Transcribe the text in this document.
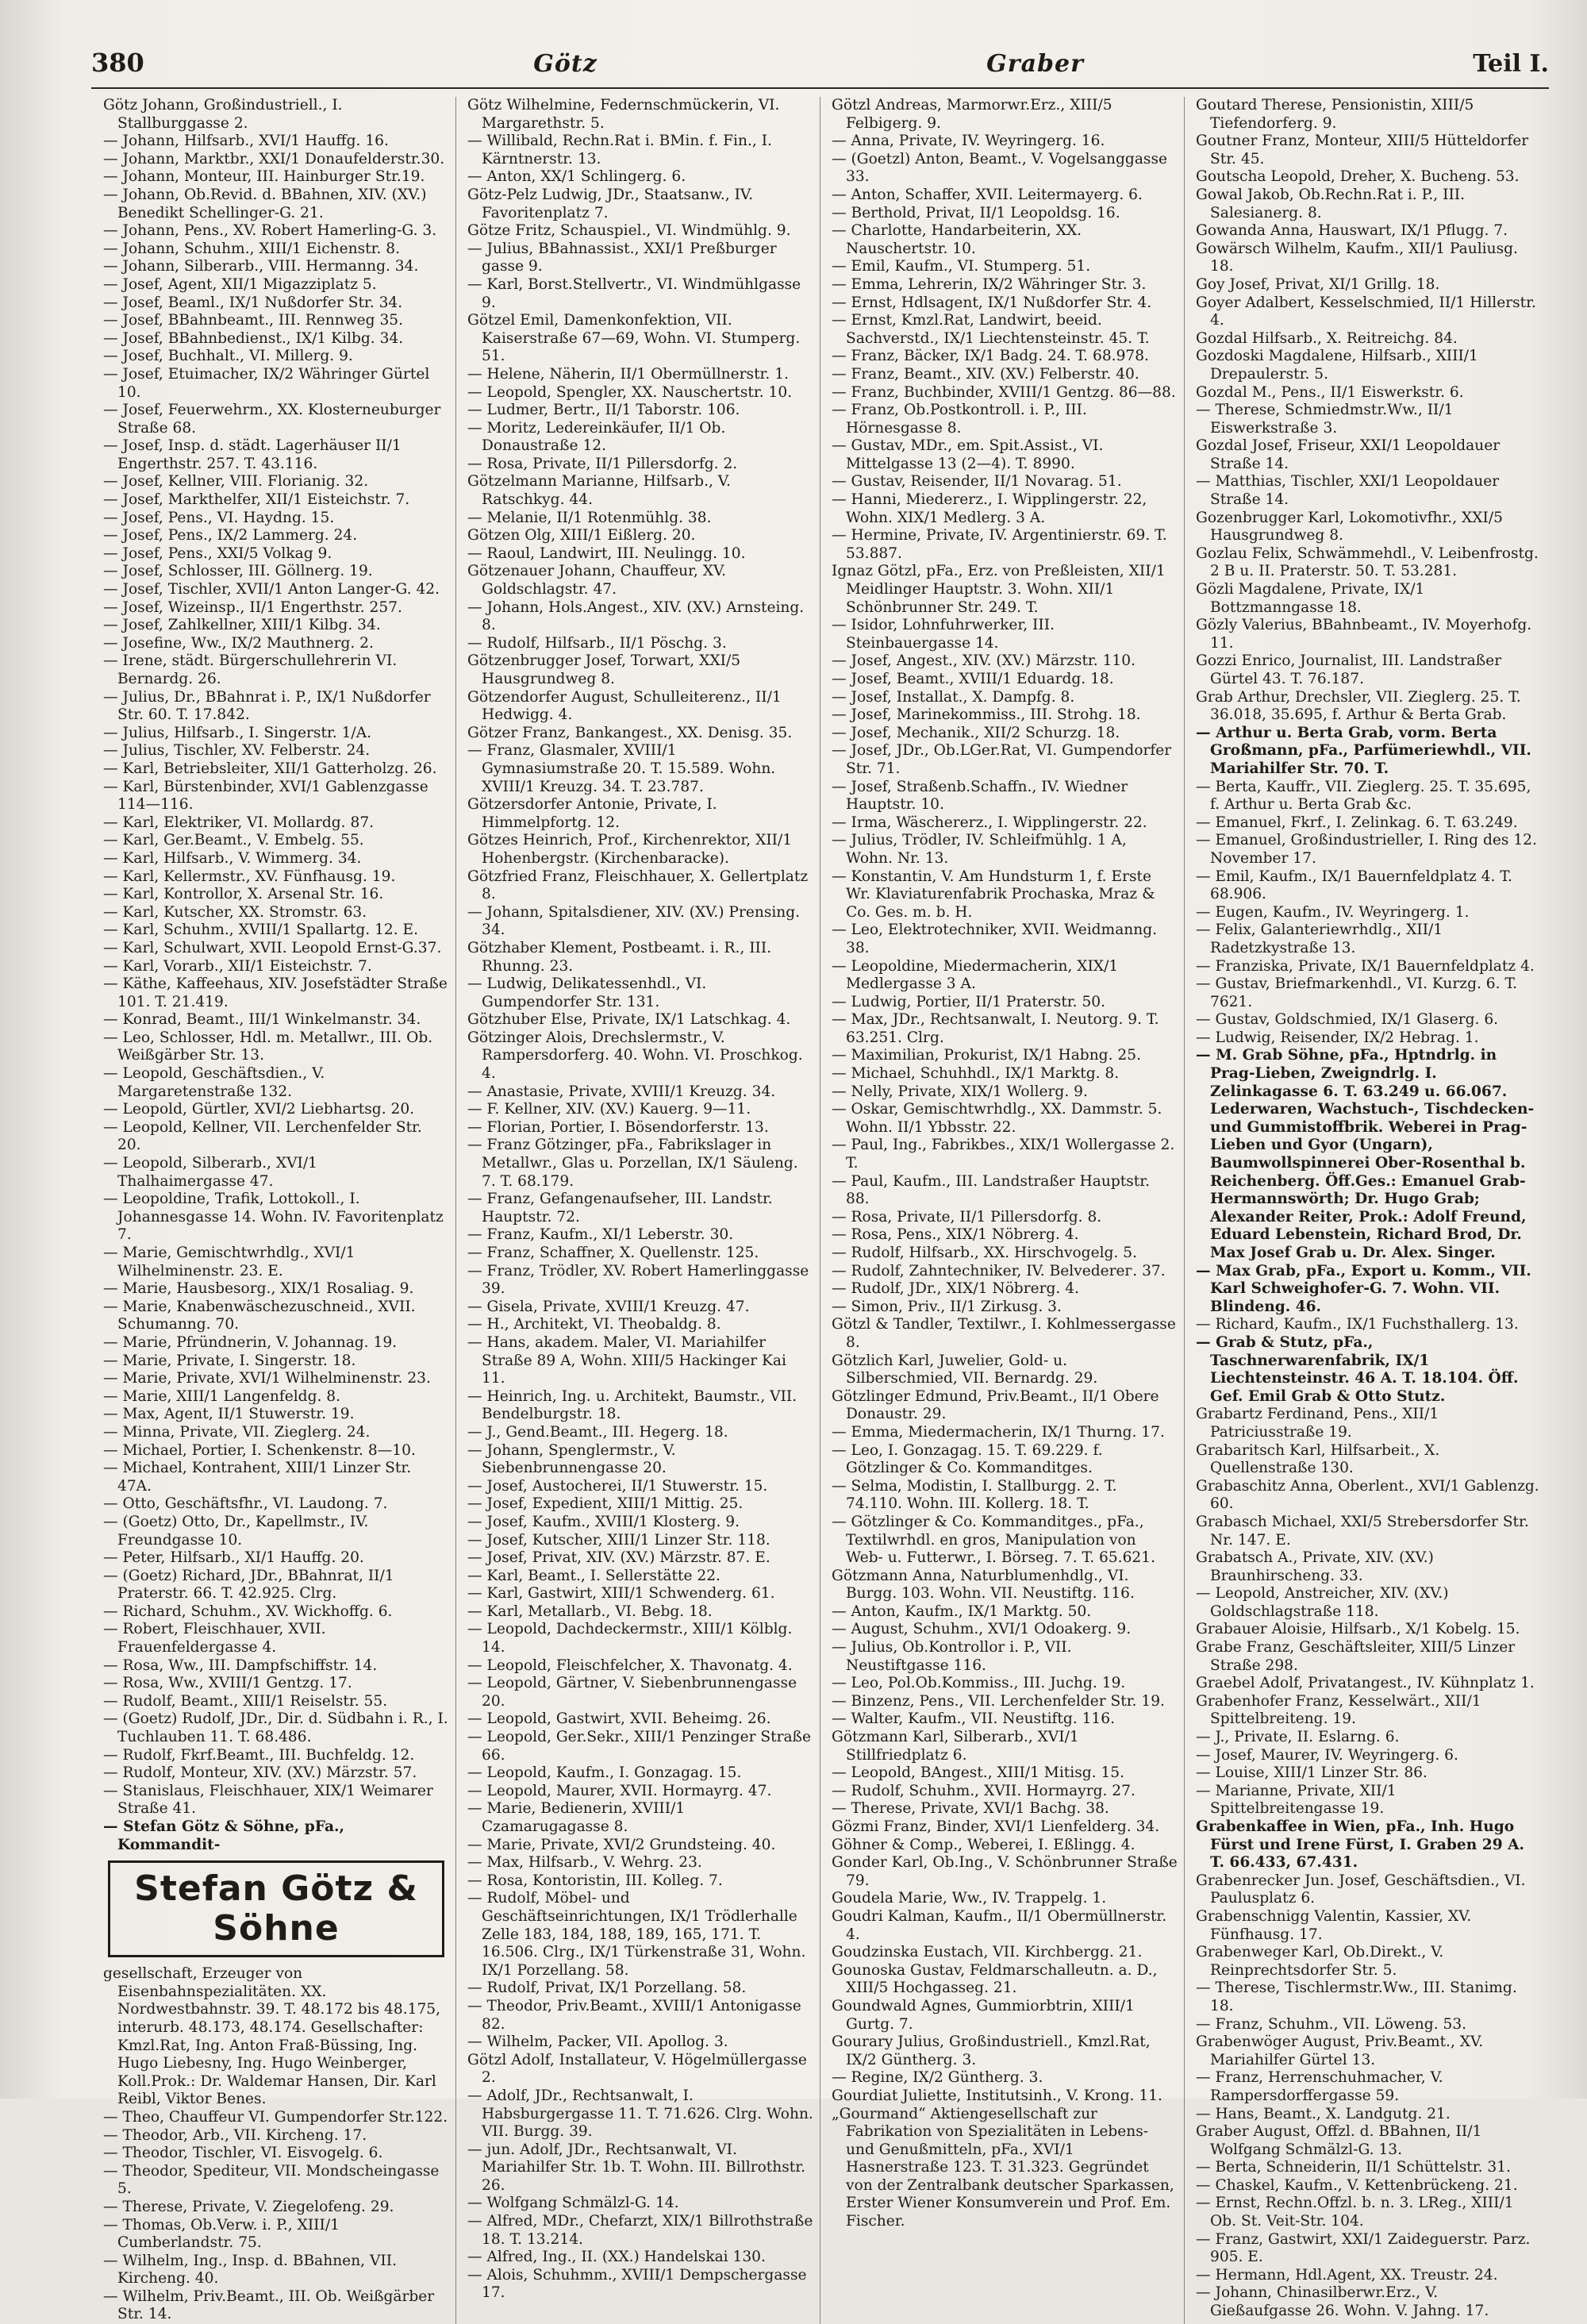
380	Götz	Graber	Teil I.

Götz Johann, Großindustriell., I. Stallburggasse 2.

— Johann, Hilfsarb., XVI/1 Hauffg. 16.

— Johann, Marktbr., XXI/1 Donaufelderstr.30.

— Johann, Monteur, III. Hainburger Str.19.

— Johann, Ob.Revid. d. BBahnen, XIV. (XV.) Benedikt Schellinger-G. 21.

— Johann, Pens., XV. Robert Hamerling-G. 3.

— Johann, Schuhm., XIII/1 Eichenstr. 8.

— Johann, Silberarb., VIII. Hermanng. 34.

— Josef, Agent, XII/1 Migazziplatz 5.

— Josef, Beaml., IX/1 Nußdorfer Str. 34.

— Josef, BBahnbeamt., III. Rennweg 35.

— Josef, BBahnbedienst., IX/1 Kilbg. 34.

— Josef, Buchhalt., VI. Millerg. 9.

— Josef, Etuimacher, IX/2 Währinger Gürtel 10.

— Josef, Feuerwehrm., XX. Klosterneuburger Straße 68.

— Josef, Insp. d. städt. Lagerhäuser II/1 Engerthstr. 257. T. 43.116.

— Josef, Kellner, VIII. Florianig. 32.

— Josef, Markthelfer, XII/1 Eisteichstr. 7.

— Josef, Pens., VI. Haydng. 15.

— Josef, Pens., IX/2 Lammerg. 24.

— Josef, Pens., XXI/5 Volkag 9.

— Josef, Schlosser, III. Göllnerg. 19.

— Josef, Tischler, XVII/1 Anton Langer-G. 42.

— Josef, Wizeinsp., II/1 Engerthstr. 257.

— Josef, Zahlkellner, XIII/1 Kilbg. 34.

— Josefine, Ww., IX/2 Mauthnerg. 2.

— Irene, städt. Bürgerschullehrerin VI. Bernardg. 26.

— Julius, Dr., BBahnrat i. P., IX/1 Nußdorfer Str. 60. T. 17.842.

— Julius, Hilfsarb., I. Singerstr. 1/A.

— Julius, Tischler, XV. Felberstr. 24.

— Karl, Betriebsleiter, XII/1 Gatterholzg. 26.

— Karl, Bürstenbinder, XVI/1 Gablenzgasse 114—116.

— Karl, Elektriker, VI. Mollardg. 87.

— Karl, Ger.Beamt., V. Embelg. 55.

— Karl, Hilfsarb., V. Wimmerg. 34.

— Karl, Kellermstr., XV. Fünfhausg. 19.

— Karl, Kontrollor, X. Arsenal Str. 16.

— Karl, Kutscher, XX. Stromstr. 63.

— Karl, Schuhm., XVIII/1 Spallartg. 12. E.

— Karl, Schulwart, XVII. Leopold Ernst-G.37.

— Karl, Vorarb., XII/1 Eisteichstr. 7.

— Käthe, Kaffeehaus, XIV. Josefstädter Straße 101. T. 21.419.

— Konrad, Beamt., III/1 Winkelmanstr. 34.

— Leo, Schlosser, Hdl. m. Metallwr., III. Ob. Weißgärber Str. 13.

— Leopold, Geschäftsdien., V. Margaretenstraße 132.

— Leopold, Gürtler, XVI/2 Liebhartsg. 20.

— Leopold, Kellner, VII. Lerchenfelder Str. 20.

— Leopold, Silberarb., XVI/1 Thalhaimergasse 47.

— Leopoldine, Trafik, Lottokoll., I. Johannesgasse 14. Wohn. IV. Favoritenplatz 7.

— Marie, Gemischtwrhdlg., XVI/1 Wilhelminenstr. 23. E.

— Marie, Hausbesorg., XIX/1 Rosaliag. 9.

— Marie, Knabenwäschezuschneid., XVII. Schumanng. 70.

— Marie, Pfründnerin, V. Johannag. 19.

— Marie, Private, I. Singerstr. 18.

— Marie, Private, XVI/1 Wilhelminenstr. 23.

— Marie, XIII/1 Langenfeldg. 8.

— Max, Agent, II/1 Stuwerstr. 19.

— Minna, Private, VII. Zieglerg. 24.

— Michael, Portier, I. Schenkenstr. 8—10.

— Michael, Kontrahent, XIII/1 Linzer Str. 47A.

— Otto, Geschäftsfhr., VI. Laudong. 7.

— (Goetz) Otto, Dr., Kapellmstr., IV. Freundgasse 10.

— Peter, Hilfsarb., XI/1 Hauffg. 20.

— (Goetz) Richard, JDr., BBahnrat, II/1 Praterstr. 66. T. 42.925. Clrg.

— Richard, Schuhm., XV. Wickhoffg. 6.

— Robert, Fleischhauer, XVII. Frauenfeldergasse 4.

— Rosa, Ww., III. Dampfschiffstr. 14.

— Rosa, Ww., XVIII/1 Gentzg. 17.

— Rudolf, Beamt., XIII/1 Reiselstr. 55.

— (Goetz) Rudolf, JDr., Dir. d. Südbahn i. R., I. Tuchlauben 11. T. 68.486.

— Rudolf, Fkrf.Beamt., III. Buchfeldg. 12.

— Rudolf, Monteur, XIV. (XV.) Märzstr. 57.

— Stanislaus, Fleischhauer, XIX/1 Weimarer Straße 41.

— Stefan Götz & Söhne, pFa., Kommandit-

Stefan Götz & Söhne

gesellschaft, Erzeuger von Eisenbahnspezialitäten. XX. Nordwestbahnstr. 39. T. 48.172 bis 48.175, interurb. 48.173, 48.174. Gesellschafter: Kmzl.Rat, Ing. Anton Fraß-Büssing, Ing. Hugo Liebesny, Ing. Hugo Weinberger, Koll.Prok.: Dr. Waldemar Hansen, Dir. Karl Reibl, Viktor Benes.

— Theo, Chauffeur VI. Gumpendorfer Str.122.

— Theodor, Arb., VII. Kircheng. 17.

— Theodor, Tischler, VI. Eisvogelg. 6.

— Theodor, Spediteur, VII. Mondscheingasse 5.

— Therese, Private, V. Ziegelofeng. 29.

— Thomas, Ob.Verw. i. P., XIII/1 Cumberlandstr. 75.

— Wilhelm, Ing., Insp. d. BBahnen, VII. Kircheng. 40.

— Wilhelm, Priv.Beamt., III. Ob. Weißgärber Str. 14.

Götz Wilhelmine, Federnschmückerin, VI. Margarethstr. 5.

— Willibald, Rechn.Rat i. BMin. f. Fin., I. Kärntnerstr. 13.

— Anton, XX/1 Schlingerg. 6.

Götz-Pelz Ludwig, JDr., Staatsanw., IV. Favoritenplatz 7.

Götze Fritz, Schauspiel., VI. Windmühlg. 9.

— Julius, BBahnassist., XXI/1 Preßburger gasse 9.

— Karl, Borst.Stellvertr., VI. Windmühlgasse 9.

Götzel Emil, Damenkonfektion, VII. Kaiserstraße 67—69, Wohn. VI. Stumperg. 51.

— Helene, Näherin, II/1 Obermüllnerstr. 1.

— Leopold, Spengler, XX. Nauschertstr. 10.

— Ludmer, Bertr., II/1 Taborstr. 106.

— Moritz, Ledereinkäufer, II/1 Ob. Donaustraße 12.

— Rosa, Private, II/1 Pillersdorfg. 2.

Götzelmann Marianne, Hilfsarb., V. Ratschkyg. 44.

— Melanie, II/1 Rotenmühlg. 38.

Götzen Olg, XIII/1 Eißlerg. 20.

— Raoul, Landwirt, III. Neulingg. 10.

Götzenauer Johann, Chauffeur, XV. Goldschlagstr. 47.

— Johann, Hols.Angest., XIV. (XV.) Arnsteing. 8.

— Rudolf, Hilfsarb., II/1 Pöschg. 3.

Götzenbrugger Josef, Torwart, XXI/5 Hausgrundweg 8.

Götzendorfer August, Schulleiterenz., II/1 Hedwigg. 4.

Götzer Franz, Bankangest., XX. Denisg. 35.

— Franz, Glasmaler, XVIII/1 Gymnasiumstraße 20. T. 15.589. Wohn. XVIII/1 Kreuzg. 34. T. 23.787.

Götzersdorfer Antonie, Private, I. Himmelpfortg. 12.

Götzes Heinrich, Prof., Kirchenrektor, XII/1 Hohenbergstr. (Kirchenbaracke).

Götzfried Franz, Fleischhauer, X. Gellertplatz 8.

— Johann, Spitalsdiener, XIV. (XV.) Prensing. 34.

Götzhaber Klement, Postbeamt. i. R., III. Rhunng. 23.

— Ludwig, Delikatessenhdl., VI. Gumpendorfer Str. 131.

Götzhuber Else, Private, IX/1 Latschkag. 4.

Götzinger Alois, Drechslermstr., V. Rampersdorferg. 40. Wohn. VI. Proschkog. 4.

— Anastasie, Private, XVIII/1 Kreuzg. 34.

— F. Kellner, XIV. (XV.) Kauerg. 9—11.

— Florian, Portier, I. Bösendorferstr. 13.

— Franz Götzinger, pFa., Fabrikslager in Metallwr., Glas u. Porzellan, IX/1 Säuleng. 7. T. 68.179.

— Franz, Gefangenaufseher, III. Landstr. Hauptstr. 72.

— Franz, Kaufm., XI/1 Leberstr. 30.

— Franz, Schaffner, X. Quellenstr. 125.

— Franz, Trödler, XV. Robert Hamerlinggasse 39.

— Gisela, Private, XVIII/1 Kreuzg. 47.

— H., Architekt, VI. Theobaldg. 8.

— Hans, akadem. Maler, VI. Mariahilfer Straße 89 A, Wohn. XIII/5 Hackinger Kai 11.

— Heinrich, Ing. u. Architekt, Baumstr., VII. Bendelburgstr. 18.

— J., Gend.Beamt., III. Hegerg. 18.

— Johann, Spenglermstr., V. Siebenbrunnengasse 20.

— Josef, Austocherei, II/1 Stuwerstr. 15.

— Josef, Expedient, XIII/1 Mittig. 25.

— Josef, Kaufm., XVIII/1 Klosterg. 9.

— Josef, Kutscher, XIII/1 Linzer Str. 118.

— Josef, Privat, XIV. (XV.) Märzstr. 87. E.

— Karl, Beamt., I. Sellerstätte 22.

— Karl, Gastwirt, XIII/1 Schwenderg. 61.

— Karl, Metallarb., VI. Bebg. 18.

— Leopold, Dachdeckermstr., XIII/1 Kölblg. 14.

— Leopold, Fleischfelcher, X. Thavonatg. 4.

— Leopold, Gärtner, V. Siebenbrunnengasse 20.

— Leopold, Gastwirt, XVII. Beheimg. 26.

— Leopold, Ger.Sekr., XIII/1 Penzinger Straße 66.

— Leopold, Kaufm., I. Gonzagag. 15.

— Leopold, Maurer, XVII. Hormayrg. 47.

— Marie, Bedienerin, XVIII/1 Czamarugagasse 8.

— Marie, Private, XVI/2 Grundsteing. 40.

— Max, Hilfsarb., V. Wehrg. 23.

— Rosa, Kontoristin, III. Kolleg. 7.

— Rudolf, Möbel- und Geschäftseinrichtungen, IX/1 Trödlerhalle Zelle 183, 184, 188, 189, 165, 171. T. 16.506. Clrg., IX/1 Türkenstraße 31, Wohn. IX/1 Porzellang. 58.

— Rudolf, Privat, IX/1 Porzellang. 58.

— Theodor, Priv.Beamt., XVIII/1 Antonigasse 82.

— Wilhelm, Packer, VII. Apollog. 3.

Götzl Adolf, Installateur, V. Högelmüllergasse 2.

— Adolf, JDr., Rechtsanwalt, I. Habsburgergasse 11. T. 71.626. Clrg. Wohn. VII. Burgg. 39.

— jun. Adolf, JDr., Rechtsanwalt, VI. Mariahilfer Str. 1b. T. Wohn. III. Billrothstr. 26.

— Wolfgang Schmälzl-G. 14.

— Alfred, MDr., Chefarzt, XIX/1 Billrothstraße 18. T. 13.214.

— Alfred, Ing., II. (XX.) Handelskai 130.

— Alois, Schuhmm., XVIII/1 Dempschergasse 17.

Götzl Andreas, Marmorwr.Erz., XIII/5 Felbigerg. 9.

— Anna, Private, IV. Weyringerg. 16.

— (Goetzl) Anton, Beamt., V. Vogelsanggasse 33.

— Anton, Schaffer, XVII. Leitermayerg. 6.

— Berthold, Privat, II/1 Leopoldsg. 16.

— Charlotte, Handarbeiterin, XX. Nauschertstr. 10.

— Emil, Kaufm., VI. Stumperg. 51.

— Emma, Lehrerin, IX/2 Währinger Str. 3.

— Ernst, Hdlsagent, IX/1 Nußdorfer Str. 4.

— Ernst, Kmzl.Rat, Landwirt, beeid. Sachverstd., IX/1 Liechtensteinstr. 45. T.

— Franz, Bäcker, IX/1 Badg. 24. T. 68.978.

— Franz, Beamt., XIV. (XV.) Felberstr. 40.

— Franz, Buchbinder, XVIII/1 Gentzg. 86—88.

— Franz, Ob.Postkontroll. i. P., III. Hörnesgasse 8.

— Gustav, MDr., em. Spit.Assist., VI. Mittelgasse 13 (2—4). T. 8990.

— Gustav, Reisender, II/1 Novarag. 51.

— Hanni, Miedererz., I. Wipplingerstr. 22, Wohn. XIX/1 Medlerg. 3 A.

— Hermine, Private, IV. Argentinierstr. 69. T. 53.887.

Ignaz Götzl, pFa., Erz. von Preßleisten, XII/1 Meidlinger Hauptstr. 3. Wohn. XII/1 Schönbrunner Str. 249. T.

— Isidor, Lohnfuhrwerker, III. Steinbauergasse 14.

— Josef, Angest., XIV. (XV.) Märzstr. 110.

— Josef, Beamt., XVIII/1 Eduardg. 18.

— Josef, Installat., X. Dampfg. 8.

— Josef, Marinekommiss., III. Strohg. 18.

— Josef, Mechanik., XII/2 Schurzg. 18.

— Josef, JDr., Ob.LGer.Rat, VI. Gumpendorfer Str. 71.

— Josef, Straßenb.Schaffn., IV. Wiedner Hauptstr. 10.

— Irma, Wäschererz., I. Wipplingerstr. 22.

— Julius, Trödler, IV. Schleifmühlg. 1 A, Wohn. Nr. 13.

— Konstantin, V. Am Hundsturm 1, f. Erste Wr. Klaviaturenfabrik Prochaska, Mraz & Co. Ges. m. b. H.

— Leo, Elektrotechniker, XVII. Weidmanng. 38.

— Leopoldine, Miedermacherin, XIX/1 Medlergasse 3 A.

— Ludwig, Portier, II/1 Praterstr. 50.

— Max, JDr., Rechtsanwalt, I. Neutorg. 9. T. 63.251. Clrg.

— Maximilian, Prokurist, IX/1 Habng. 25.

— Michael, Schuhhdl., IX/1 Marktg. 8.

— Nelly, Private, XIX/1 Wollerg. 9.

— Oskar, Gemischtwrhdlg., XX. Dammstr. 5. Wohn. II/1 Ybbsstr. 22.

— Paul, Ing., Fabrikbes., XIX/1 Wollergasse 2. T.

— Paul, Kaufm., III. Landstraßer Hauptstr. 88.

— Rosa, Private, II/1 Pillersdorfg. 8.

— Rosa, Pens., XIX/1 Nöbrerg. 4.

— Rudolf, Hilfsarb., XX. Hirschvogelg. 5.

— Rudolf, Zahntechniker, IV. Belvederег. 37.

— Rudolf, JDr., XIX/1 Nöbrerg. 4.

— Simon, Priv., II/1 Zirkusg. 3.

Götzl & Tandler, Textilwr., I. Kohlmessergasse 8.

Götzlich Karl, Juwelier, Gold- u. Silberschmied, VII. Bernardg. 29.

Götzlinger Edmund, Priv.Beamt., II/1 Obere Donaustr. 29.

— Emma, Miedermacherin, IX/1 Thurng. 17.

— Leo, I. Gonzagag. 15. T. 69.229. f. Götzlinger & Co. Kommanditges.

— Selma, Modistin, I. Stallburgg. 2. T. 74.110. Wohn. III. Kollerg. 18. T.

— Götzlinger & Co. Kommanditges., pFa., Textilwrhdl. en gros, Manipulation von Web- u. Futterwr., I. Börseg. 7. T. 65.621.

Götzmann Anna, Naturblumenhdlg., VI. Burgg. 103. Wohn. VII. Neustiftg. 116.

— Anton, Kaufm., IX/1 Marktg. 50.

— August, Schuhm., XVI/1 Odoakerg. 9.

— Julius, Ob.Kontrollor i. P., VII. Neustiftgasse 116.

— Leo, Pol.Ob.Kommiss., III. Juchg. 19.

— Binzenz, Pens., VII. Lerchenfelder Str. 19.

— Walter, Kaufm., VII. Neustiftg. 116.

Götzmann Karl, Silberarb., XVI/1 Stillfriedplatz 6.

— Leopold, BAngest., XIII/1 Mitisg. 15.

— Rudolf, Schuhm., XVII. Hormayrg. 27.

— Therese, Private, XVI/1 Bachg. 38.

Gözmi Franz, Binder, XVI/1 Lienfelderg. 34.

Göhner & Comp., Weberei, I. Eßlingg. 4.

Gonder Karl, Ob.Ing., V. Schönbrunner Straße 79.

Goudela Marie, Ww., IV. Trappelg. 1.

Goudri Kalman, Kaufm., II/1 Obermüllnerstr. 4.

Goudzinska Eustach, VII. Kirchbergg. 21.

Gounoskа Gustav, Feldmarschalleutn. a. D., XIII/5 Hochgasseg. 21.

Goundwald Agnes, Gummiorbtrin, XIII/1 Gurtg. 7.

Gourary Julius, Großindustriell., Kmzl.Rat, IX/2 Güntherg. 3.

— Regine, IX/2 Güntherg. 3.

Gourdiat Juliette, Institutsinh., V. Krong. 11.

„Gourmand“ Aktiengesellschaft zur Fabrikation von Spezialitäten in Lebens- und Genußmitteln, pFa., XVI/1 Hasnerstraße 123. T. 31.323. Gegründet von der Zentralbank deutscher Sparkassen, Erster Wiener Konsumverein und Prof. Em. Fischer.

Goutard Therese, Pensionistin, XIII/5 Tiefendorferg. 9.

Goutner Franz, Monteur, XIII/5 Hütteldorfer Str. 45.

Goutscha Leopold, Dreher, X. Buchеng. 53.

Gowal Jakob, Ob.Rechn.Rat i. P., III. Salesianerg. 8.

Gowanda Anna, Hauswart, IX/1 Pflugg. 7.

Gowärsch Wilhelm, Kaufm., XII/1 Pauliusg. 18.

Goy Josef, Privat, XI/1 Grillg. 18.

Goyer Adalbert, Kesselschmied, II/1 Hillerstr. 4.

Gozdal Hilfsarb., X. Reitreichg. 84.

Gozdoski Magdalene, Hilfsarb., XIII/1 Drepaulerstr. 5.

Gozdal M., Pens., II/1 Eiswerkstr. 6.

— Therese, Schmiedmstr.Ww., II/1 Eiswerkstraße 3.

Gozdal Josef, Friseur, XXI/1 Leopoldauer Straße 14.

— Matthias, Tischler, XXI/1 Leopoldauer Straße 14.

Gozenbrugger Karl, Lokomotivfhr., XXI/5 Hausgrundweg 8.

Gozlau Felix, Schwämmehdl., V. Leibenfrostg. 2 B u. II. Praterstr. 50. T. 53.281.

Gözli Magdalene, Private, IX/1 Bottzmanngasse 18.

Gözly Valerius, BBahnbeamt., IV. Moyerhofg. 11.

Gozzi Enrico, Journalist, III. Landstraßer Gürtel 43. T. 76.187.

Grab Arthur, Drechsler, VII. Zieglerg. 25. T. 36.018, 35.695, f. Arthur & Berta Grab.

— Arthur u. Berta Grab, vorm. Berta Großmann, pFa., Parfümeriewhdl., VII. Mariahilfer Str. 70. T.

— Berta, Kauffr., VII. Zieglerg. 25. T. 35.695, f. Arthur u. Berta Grab &c.

— Emanuel, Fkrf., I. Zelinkag. 6. T. 63.249.

— Emanuel, Großindustrieller, I. Ring des 12. November 17.

— Emil, Kaufm., IX/1 Bauernfeldplatz 4. T. 68.906.

— Eugen, Kaufm., IV. Weyringerg. 1.

— Felix, Galanteriewrhdlg., XII/1 Radetzkystraße 13.

— Franziska, Private, IX/1 Bauernfeldplatz 4.

— Gustav, Briefmarkenhdl., VI. Kurzg. 6. T. 7621.

— Gustav, Goldschmied, IX/1 Glaserg. 6.

— Ludwig, Reisender, IX/2 Hebrag. 1.

— M. Grab Söhne, pFa., Hptndrlg. in Prag-Lieben, Zweigndrlg. I. Zelinkagasse 6. T. 63.249 u. 66.067. Lederwaren, Wachstuch-, Tischdecken- und Gummistoffbrik. Weberei in Prag-Lieben und Gyor (Ungarn), Baumwollspinnerei Ober-Rosenthal b. Reichenberg. Öff.Ges.: Emanuel Grab-Hermannswörth; Dr. Hugo Grab; Alexander Reiter, Prok.: Adolf Freund, Eduard Lebenstein, Richard Brod, Dr. Max Josef Grab u. Dr. Alex. Singer.

— Max Grab, pFa., Export u. Komm., VII. Karl Schweighofer-G. 7. Wohn. VII. Blindeng. 46.

— Richard, Kaufm., IX/1 Fuchsthallerg. 13.

— Grab & Stutz, pFa., Taschnerwarenfabrik, IX/1 Liechtensteinstr. 46 A. T. 18.104. Öff. Gef. Emil Grab & Otto Stutz.

Grabartz Ferdinand, Pens., XII/1 Patriciusstraße 19.

Grabaritsch Karl, Hilfsarbeit., X. Quellenstraße 130.

Grabaschitz Anna, Oberlent., XVI/1 Gablenzg. 60.

Grabasch Michael, XXI/5 Strebersdorfer Str. Nr. 147. E.

Grabatsch A., Private, XIV. (XV.) Braunhirschеng. 33.

— Leopold, Anstreicher, XIV. (XV.) Goldschlagstraße 118.

Grabauer Aloisie, Hilfsarb., X/1 Kobelg. 15.

Grabe Franz, Geschäftsleiter, XIII/5 Linzer Straße 298.

Graebel Adolf, Privatangest., IV. Kühnplatz 1.

Grabenhofer Franz, Kesselwärt., XII/1 Spittelbreiteng. 19.

— J., Private, II. Eslarng. 6.

— Josef, Maurer, IV. Weyringerg. 6.

— Louise, XIII/1 Linzer Str. 86.

— Marianne, Private, XII/1 Spittelbreitengasse 19.

Grabenkaffee in Wien, pFa., Inh. Hugo Fürst und Irene Fürst, I. Graben 29 A. T. 66.433, 67.431.

Grabenrecker Jun. Josef, Geschäftsdien., VI. Paulusplatz 6.

Grabenschnigg Valentin, Kassier, XV. Fünfhausg. 17.

Grabenweger Karl, Ob.Direkt., V. Reinprechtsdorfer Str. 5.

— Therese, Tischlermstr.Ww., III. Stanimg. 18.

— Franz, Schuhm., VII. Löweng. 53.

Grabenwöger August, Priv.Beamt., XV. Mariahilfer Gürtel 13.

— Franz, Herrenschuhmacher, V. Rampersdorffergasse 59.

— Hans, Beamt., X. Landgutg. 21.

Graber August, Offzl. d. BBahnen, II/1 Wolfgang Schmälzl-G. 13.

— Berta, Schneiderin, II/1 Schüttelstr. 31.

— Chaskel, Kaufm., V. Kettenbrückeng. 21.

— Ernst, Rechn.Offzl. b. n. 3. LReg., XIII/1 Ob. St. Veit-Str. 104.

— Franz, Gastwirt, XXI/1 Zaideguerstr. Parz. 905. E.

— Hermann, Hdl.Agent, XX. Treustr. 24.

— Johann, Chinasilberwr.Erz., V. Gießaufgasse 26. Wohn. V. Jahng. 17.
